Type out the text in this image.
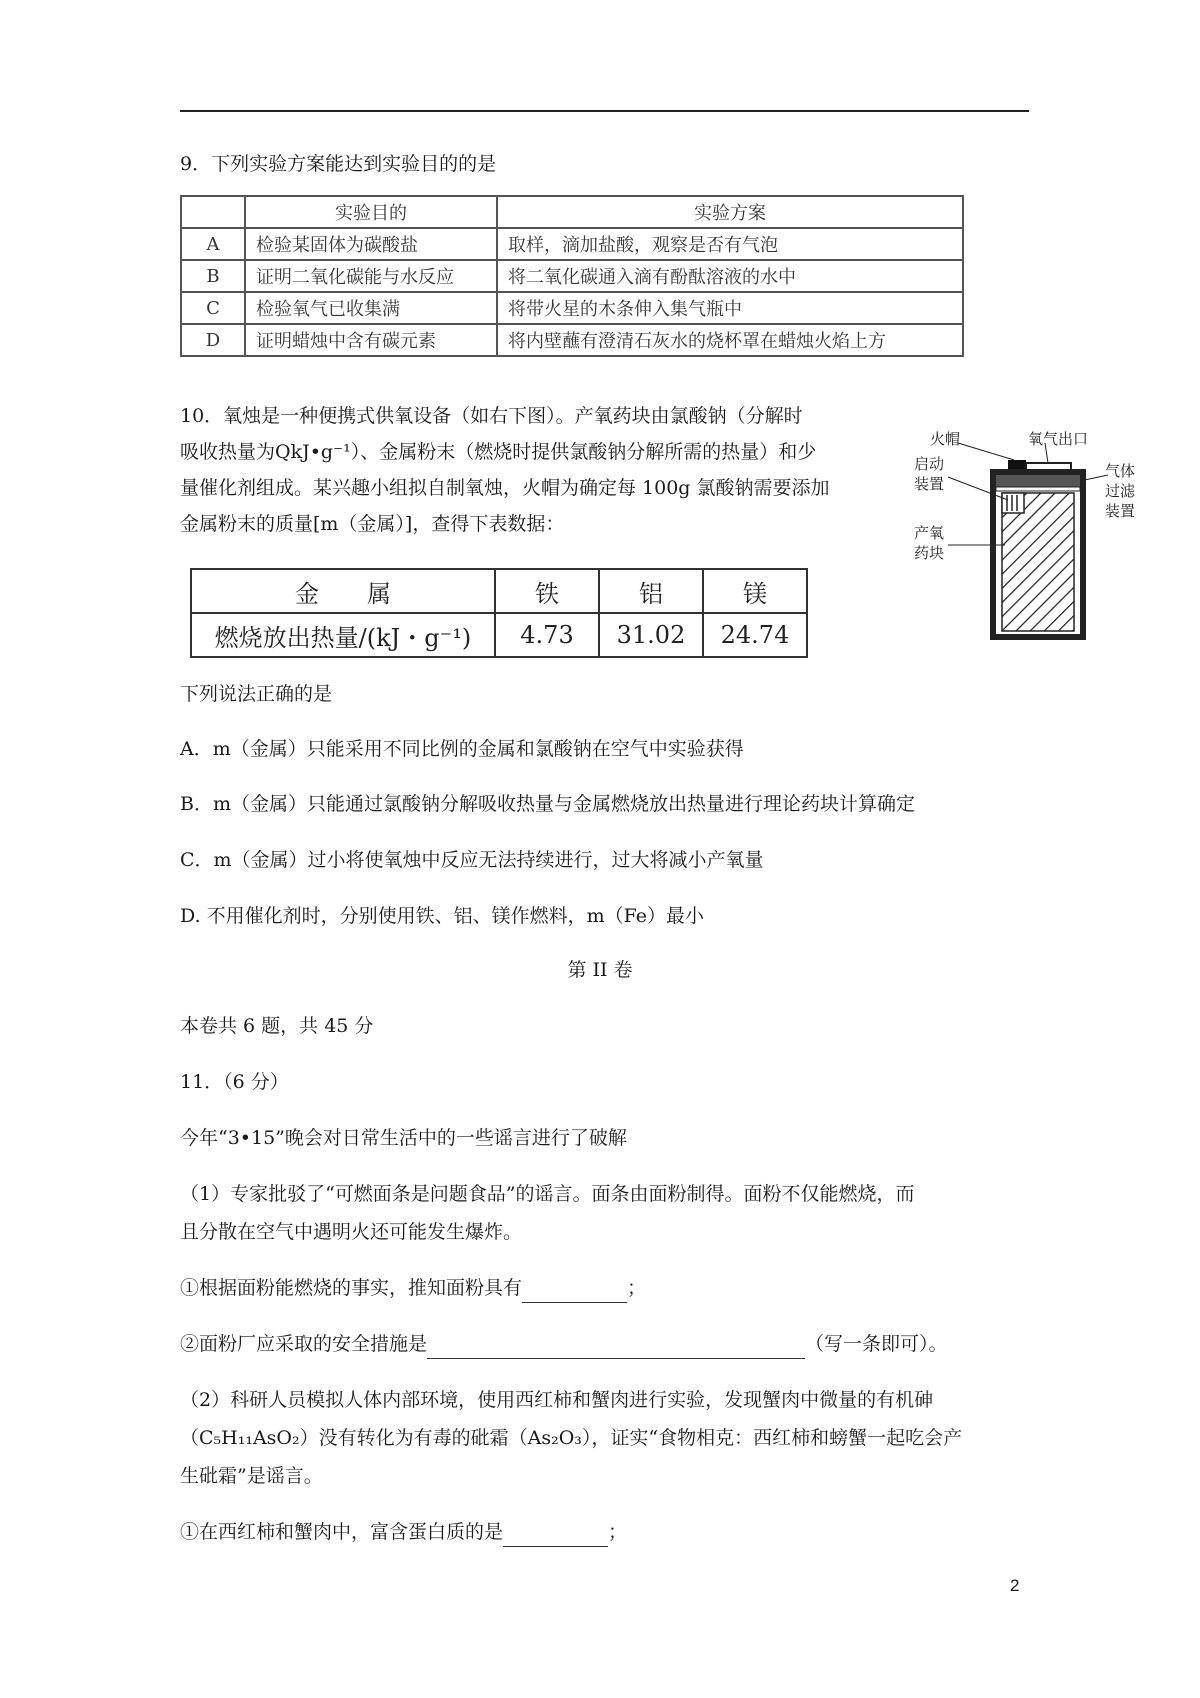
9．下列实验方案能达到实验目的的是
	实验目的	实验方案
A	检验某固体为碳酸盐	取样，滴加盐酸，观察是否有气泡
B	证明二氧化碳能与水反应	将二氧化碳通入滴有酚酞溶液的水中
C	检验氧气已收集满	将带火星的木条伸入集气瓶中
D	证明蜡烛中含有碳元素	将内壁蘸有澄清石灰水的烧杯罩在蜡烛火焰上方
10．氧烛是一种便携式供氧设备（如右下图）。产氧药块由氯酸钠（分解时
吸收热量为QkJ•g⁻¹）、金属粉末（燃烧时提供氯酸钠分解所需的热量）和少
量催化剂组成。某兴趣小组拟自制氧烛，火帽为确定每 100g 氯酸钠需要添加
金属粉末的质量[m（金属）]，查得下表数据：
金　　属	铁	铝	镁
燃烧放出热量/(kJ・g⁻¹)	4.73	31.02	24.74
火帽	氧气出口
启动
装置
气体
过滤
装置
产氧
药块
下列说法正确的是
A．m（金属）只能采用不同比例的金属和氯酸钠在空气中实验获得
B．m（金属）只能通过氯酸钠分解吸收热量与金属燃烧放出热量进行理论药块计算确定
C．m（金属）过小将使氧烛中反应无法持续进行，过大将减小产氧量
D. 不用催化剂时，分别使用铁、铝、镁作燃料，m（Fe）最小
第 II 卷
本卷共 6 题，共 45 分
11．（6 分）
今年“3•15”晚会对日常生活中的一些谣言进行了破解
（1）专家批驳了“可燃面条是问题食品”的谣言。面条由面粉制得。面粉不仅能燃烧，而
且分散在空气中遇明火还可能发生爆炸。
①根据面粉能燃烧的事实，推知面粉具有	；
②面粉厂应采取的安全措施是	（写一条即可）。
（2）科研人员模拟人体内部环境，使用西红柿和蟹肉进行实验，发现蟹肉中微量的有机砷
（C₅H₁₁AsO₂）没有转化为有毒的砒霜（As₂O₃），证实“食物相克：西红柿和螃蟹一起吃会产
生砒霜”是谣言。
①在西红柿和蟹肉中，富含蛋白质的是	；
2
